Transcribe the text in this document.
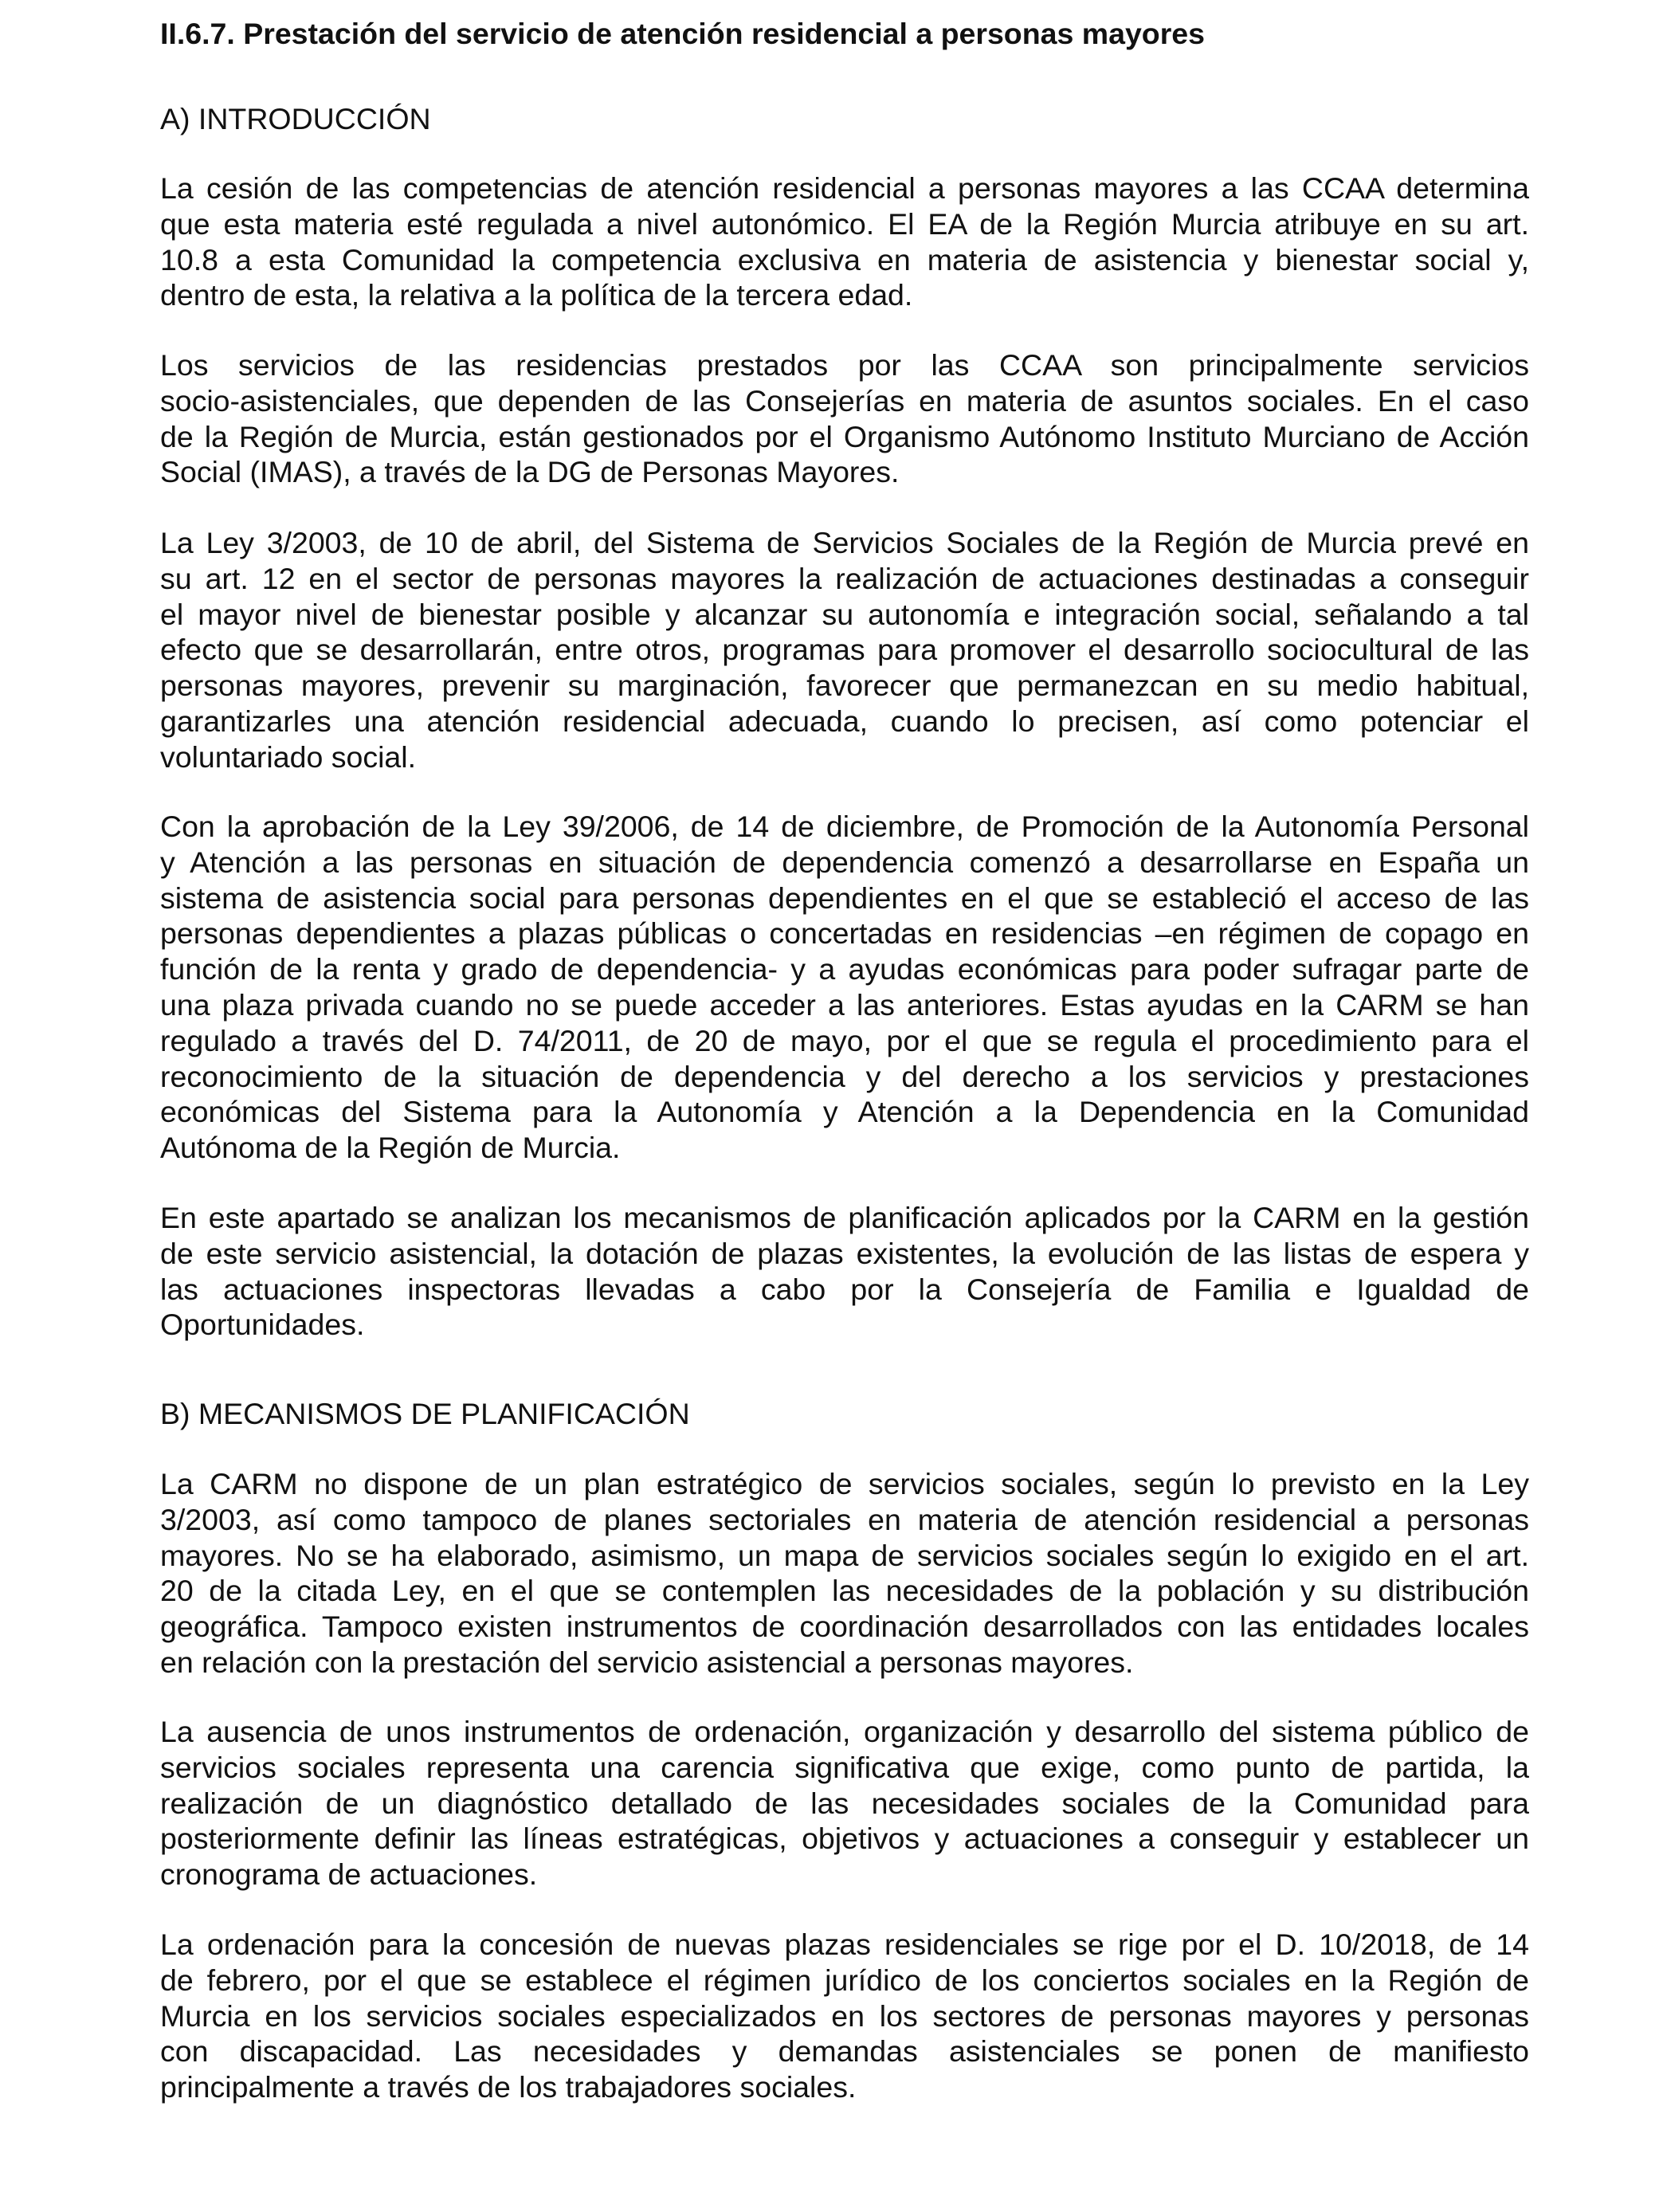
II.6.7. Prestación del servicio de atención residencial a personas mayores
A) INTRODUCCIÓN
La cesión de las competencias de atención residencial a personas mayores a las CCAA determina
que esta materia esté regulada a nivel autonómico. El EA de la Región Murcia atribuye en su art.
10.8 a esta Comunidad la competencia exclusiva en materia de asistencia y bienestar social y,
dentro de esta, la relativa a la política de la tercera edad.
Los servicios de las residencias prestados por las CCAA son principalmente servicios
socio-asistenciales, que dependen de las Consejerías en materia de asuntos sociales. En el caso
de la Región de Murcia, están gestionados por el Organismo Autónomo Instituto Murciano de Acción
Social (IMAS), a través de la DG de Personas Mayores.
La Ley 3/2003, de 10 de abril, del Sistema de Servicios Sociales de la Región de Murcia prevé en
su art. 12 en el sector de personas mayores la realización de actuaciones destinadas a conseguir
el mayor nivel de bienestar posible y alcanzar su autonomía e integración social, señalando a tal
efecto que se desarrollarán, entre otros, programas para promover el desarrollo sociocultural de las
personas mayores, prevenir su marginación, favorecer que permanezcan en su medio habitual,
garantizarles una atención residencial adecuada, cuando lo precisen, así como potenciar el
voluntariado social.
Con la aprobación de la Ley 39/2006, de 14 de diciembre, de Promoción de la Autonomía Personal
y Atención a las personas en situación de dependencia comenzó a desarrollarse en España un
sistema de asistencia social para personas dependientes en el que se estableció el acceso de las
personas dependientes a plazas públicas o concertadas en residencias –en régimen de copago en
función de la renta y grado de dependencia- y a ayudas económicas para poder sufragar parte de
una plaza privada cuando no se puede acceder a las anteriores. Estas ayudas en la CARM se han
regulado a través del D. 74/2011, de 20 de mayo, por el que se regula el procedimiento para el
reconocimiento de la situación de dependencia y del derecho a los servicios y prestaciones
económicas del Sistema para la Autonomía y Atención a la Dependencia en la Comunidad
Autónoma de la Región de Murcia.
En este apartado se analizan los mecanismos de planificación aplicados por la CARM en la gestión
de este servicio asistencial, la dotación de plazas existentes, la evolución de las listas de espera y
las actuaciones inspectoras llevadas a cabo por la Consejería de Familia e Igualdad de
Oportunidades.
B) MECANISMOS DE PLANIFICACIÓN
La CARM no dispone de un plan estratégico de servicios sociales, según lo previsto en la Ley
3/2003, así como tampoco de planes sectoriales en materia de atención residencial a personas
mayores. No se ha elaborado, asimismo, un mapa de servicios sociales según lo exigido en el art.
20 de la citada Ley, en el que se contemplen las necesidades de la población y su distribución
geográfica. Tampoco existen instrumentos de coordinación desarrollados con las entidades locales
en relación con la prestación del servicio asistencial a personas mayores.
La ausencia de unos instrumentos de ordenación, organización y desarrollo del sistema público de
servicios sociales representa una carencia significativa que exige, como punto de partida, la
realización de un diagnóstico detallado de las necesidades sociales de la Comunidad para
posteriormente definir las líneas estratégicas, objetivos y actuaciones a conseguir y establecer un
cronograma de actuaciones.
La ordenación para la concesión de nuevas plazas residenciales se rige por el D. 10/2018, de 14
de febrero, por el que se establece el régimen jurídico de los conciertos sociales en la Región de
Murcia en los servicios sociales especializados en los sectores de personas mayores y personas
con discapacidad. Las necesidades y demandas asistenciales se ponen de manifiesto
principalmente a través de los trabajadores sociales.
